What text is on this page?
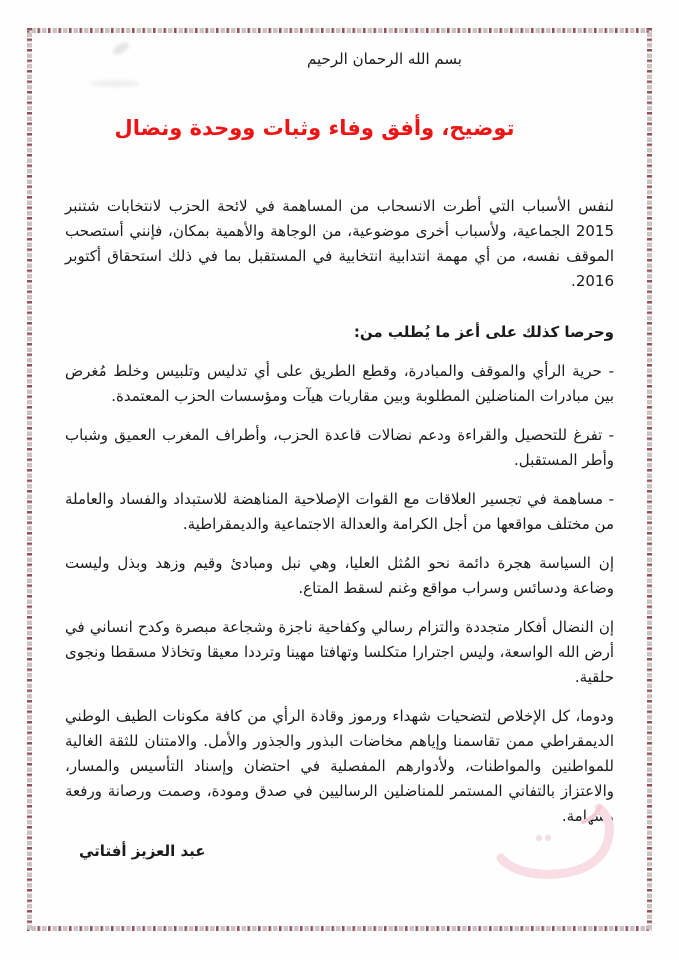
بسم الله الرحمان الرحيم
توضيح، وأفق وفاء وثبات ووحدة ونضال

لنفس الأسباب التي أطرت الانسحاب من المساهمة في لائحة الحزب لانتخابات شتنبر 2015 الجماعية، ولأسباب أخرى موضوعية، من الوجاهة والأهمية بمكان، فإنني أستصحب الموقف نفسه، من أي مهمة انتدابية انتخابية في المستقبل بما في ذلك استحقاق أكتوبر 2016.

وحرصا كذلك على أعز ما يُطلب من:

- حرية الرأي والموقف والمبادرة، وقطع الطريق على أي تدليس وتلبيس وخلط مُغرض بين مبادرات المناضلين المطلوبة وبين مقاربات هيآت ومؤسسات الحزب المعتمدة.

- تفرغ للتحصيل والقراءة ودعم نضالات قاعدة الحزب، وأطراف المغرب العميق وشباب وأطر المستقبل.

- مساهمة في تجسير العلاقات مع القوات الإصلاحية المناهضة للاستبداد والفساد والعاملة من مختلف مواقعها من أجل الكرامة والعدالة الاجتماعية والديمقراطية.

إن السياسة هجرة دائمة نحو المُثل العليا، وهي نبل ومبادئ وقيم وزهد وبذل وليست وضاعة ودسائس وسراب مواقع وغنم لسقط المتاع.

إن النضال أفكار متجددة والتزام رسالي وكفاحية ناجزة وشجاعة مبصرة وكدح انساني في أرض الله الواسعة، وليس اجترارا متكلسا وتهافتا مهينا وترددا معيقا وتخاذلا مسقطا ونجوى حلقية.

ودوما، كل الإخلاص لتضحيات شهداء ورموز وقادة الرأي من كافة مكونات الطيف الوطني الديمقراطي ممن تقاسمنا وإياهم مخاضات البذور والجذور والأمل. والامتنان للثقة الغالية للمواطنين والمواطنات، ولأدوارهم المفصلية في احتضان وإسناد التأسيس والمسار، والاعتزاز بالتفاني المستمر للمناضلين الرساليين في صدق ومودة، وصمت ورصانة ورفعة وشهامة.

عبد العزيز أفتاتي
